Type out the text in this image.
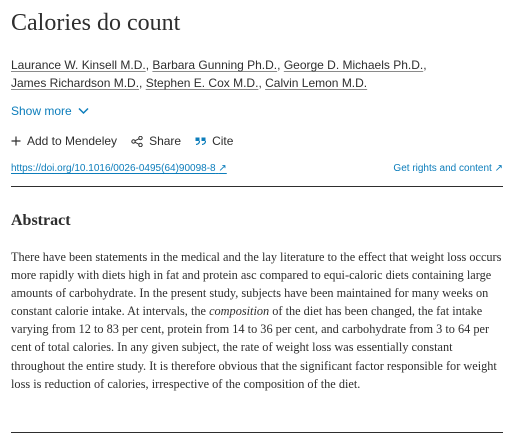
Calories do count
Laurance W. Kinsell M.D., Barbara Gunning Ph.D., George D. Michaels Ph.D.,
James Richardson M.D., Stephen E. Cox M.D., Calvin Lemon M.D.
Show more
Add to Mendeley	Share	Cite
https://doi.org/10.1016/0026-0495(64)90098-8 ↗	Get rights and content ↗
Abstract

There have been statements in the medical and the lay literature to the effect that weight loss occurs more rapidly with diets high in fat and protein asc compared to equi-caloric diets containing large amounts of carbohydrate. In the present study, subjects have been maintained for many weeks on constant calorie intake. At intervals, the composition of the diet has been changed, the fat intake varying from 12 to 83 per cent, protein from 14 to 36 per cent, and carbohydrate from 3 to 64 per cent of total calories. In any given subject, the rate of weight loss was essentially constant throughout the entire study. It is therefore obvious that the significant factor responsible for weight loss is reduction of calories, irrespective of the composition of the diet.
